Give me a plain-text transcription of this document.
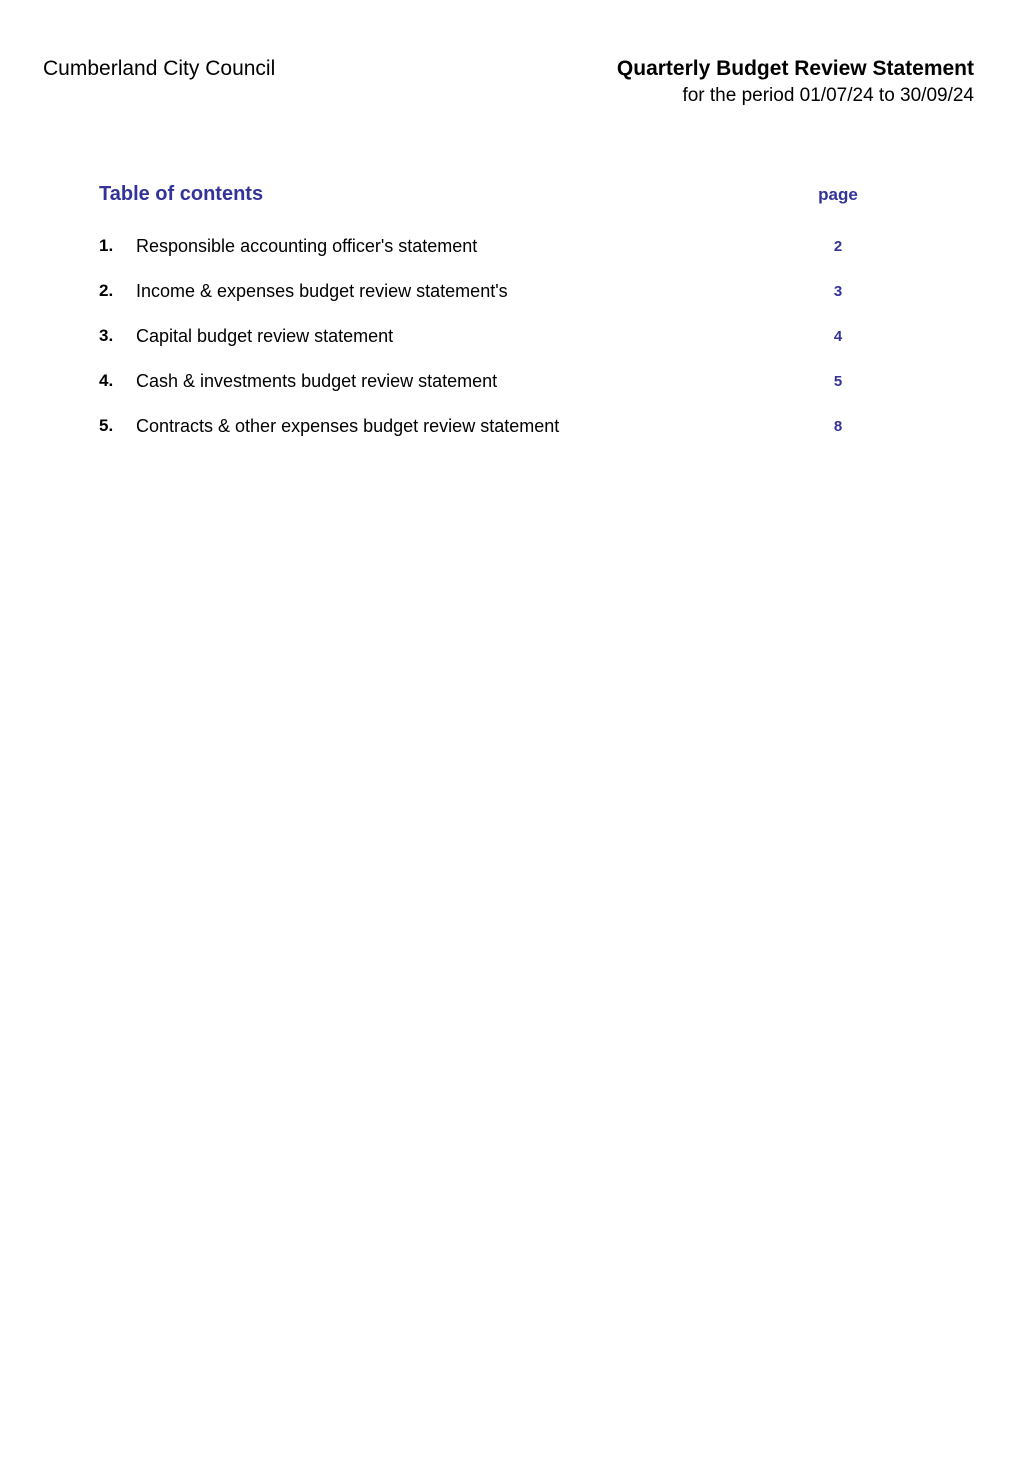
Cumberland City Council	Quarterly Budget Review Statement
for the period 01/07/24 to 30/09/24
Table of contents	page
1. Responsible accounting officer's statement	2
2. Income & expenses budget review statement's	3
3. Capital budget review statement	4
4. Cash & investments budget review statement	5
5. Contracts & other expenses budget review statement	8
